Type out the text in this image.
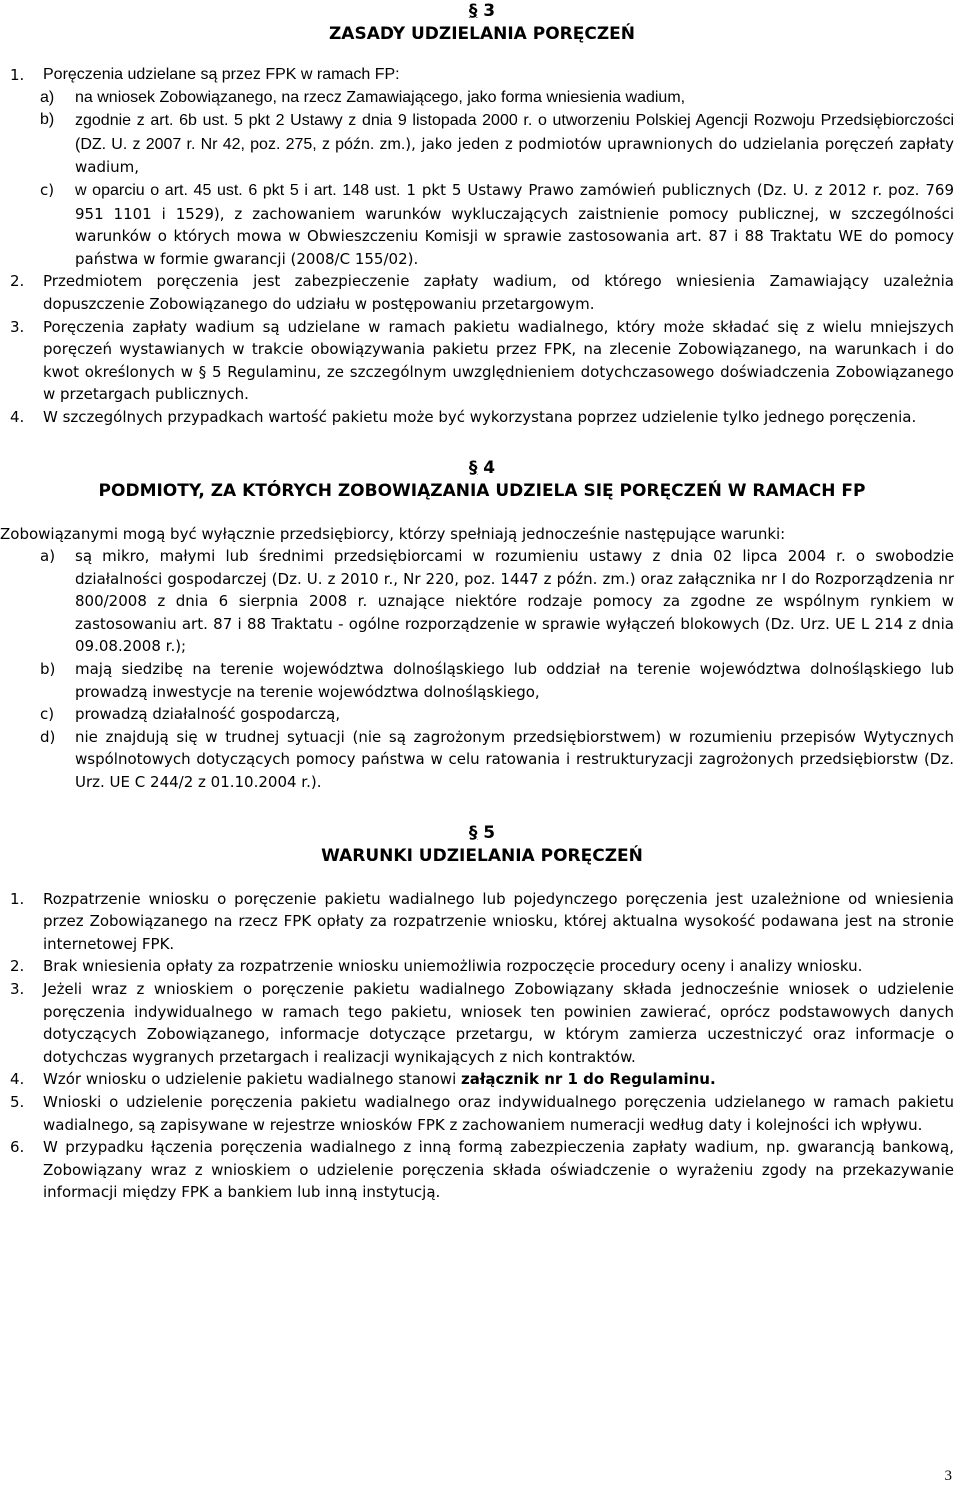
§ 3
ZASADY UDZIELANIA PORĘCZEŃ
1.	Poręczenia udzielane są przez FPK w ramach FP:
a)	na wniosek Zobowiązanego, na rzecz Zamawiającego, jako forma wniesienia wadium,
b)	zgodnie z art. 6b ust. 5 pkt 2 Ustawy z dnia 9 listopada 2000 r. o utworzeniu Polskiej Agencji Rozwoju Przedsiębiorczości (DZ. U. z 2007 r. Nr 42, poz. 275, z późn. zm.), jako jeden z podmiotów uprawnionych do udzielania poręczeń zapłaty wadium,
c)	w oparciu o art. 45 ust. 6 pkt 5 i art. 148 ust. 1 pkt 5 Ustawy Prawo zamówień publicznych (Dz. U. z 2012 r. poz. 769 951 1101 i 1529), z zachowaniem warunków wykluczających zaistnienie pomocy publicznej, w szczególności warunków o których mowa w Obwieszczeniu Komisji w sprawie zastosowania art. 87 i 88 Traktatu WE do pomocy państwa w formie gwarancji (2008/C 155/02).
2.	Przedmiotem poręczenia jest zabezpieczenie zapłaty wadium, od którego wniesienia Zamawiający uzależnia dopuszczenie Zobowiązanego do udziału w postępowaniu przetargowym.
3.	Poręczenia zapłaty wadium są udzielane w ramach pakietu wadialnego, który może składać się z wielu mniejszych poręczeń wystawianych w trakcie obowiązywania pakietu przez FPK, na zlecenie Zobowiązanego, na warunkach i do kwot określonych w § 5 Regulaminu, ze szczególnym uwzględnieniem dotychczasowego doświadczenia Zobowiązanego w przetargach publicznych.
4.	W szczególnych przypadkach wartość pakietu może być wykorzystana poprzez udzielenie tylko jednego poręczenia.
§ 4
PODMIOTY, ZA KTÓRYCH ZOBOWIĄZANIA UDZIELA SIĘ PORĘCZEŃ W RAMACH FP
Zobowiązanymi mogą być wyłącznie przedsiębiorcy, którzy spełniają jednocześnie następujące warunki:
a)	są mikro, małymi lub średnimi przedsiębiorcami w rozumieniu ustawy z dnia 02 lipca 2004 r. o swobodzie działalności gospodarczej (Dz. U. z 2010 r., Nr 220, poz. 1447 z późn. zm.) oraz załącznika nr I do Rozporządzenia nr 800/2008 z dnia 6 sierpnia 2008 r. uznające niektóre rodzaje pomocy za zgodne ze wspólnym rynkiem w zastosowaniu art. 87 i 88 Traktatu - ogólne rozporządzenie w sprawie wyłączeń blokowych (Dz. Urz. UE L 214 z dnia 09.08.2008 r.);
b)	mają siedzibę na terenie województwa dolnośląskiego lub oddział na terenie województwa dolnośląskiego lub prowadzą inwestycje na terenie województwa dolnośląskiego,
c)	prowadzą działalność gospodarczą,
d)	nie znajdują się w trudnej sytuacji (nie są zagrożonym przedsiębiorstwem) w rozumieniu przepisów Wytycznych wspólnotowych dotyczących pomocy państwa w celu ratowania i restrukturyzacji zagrożonych przedsiębiorstw (Dz. Urz. UE C 244/2 z 01.10.2004 r.).
§ 5
WARUNKI UDZIELANIA PORĘCZEŃ
1.	Rozpatrzenie wniosku o poręczenie pakietu wadialnego lub pojedynczego poręczenia jest uzależnione od wniesienia przez Zobowiązanego na rzecz FPK opłaty za rozpatrzenie wniosku, której aktualna wysokość podawana jest na stronie internetowej FPK.
2.	Brak wniesienia opłaty za rozpatrzenie wniosku uniemożliwia rozpoczęcie procedury oceny i analizy wniosku.
3.	Jeżeli wraz z wnioskiem o poręczenie pakietu wadialnego Zobowiązany składa jednocześnie wniosek o udzielenie poręczenia indywidualnego w ramach tego pakietu, wniosek ten powinien zawierać, oprócz podstawowych danych dotyczących Zobowiązanego, informacje dotyczące przetargu, w którym zamierza uczestniczyć oraz informacje o dotychczas wygranych przetargach i realizacji wynikających z nich kontraktów.
4.	Wzór wniosku o udzielenie pakietu wadialnego stanowi załącznik nr 1 do Regulaminu.
5.	Wnioski o udzielenie poręczenia pakietu wadialnego oraz indywidualnego poręczenia udzielanego w ramach pakietu wadialnego, są zapisywane w rejestrze wniosków FPK z zachowaniem numeracji według daty i kolejności ich wpływu.
6.	W przypadku łączenia poręczenia wadialnego z inną formą zabezpieczenia zapłaty wadium, np. gwarancją bankową, Zobowiązany wraz z wnioskiem o udzielenie poręczenia składa oświadczenie o wyrażeniu zgody na przekazywanie informacji między FPK a bankiem lub inną instytucją.
3
